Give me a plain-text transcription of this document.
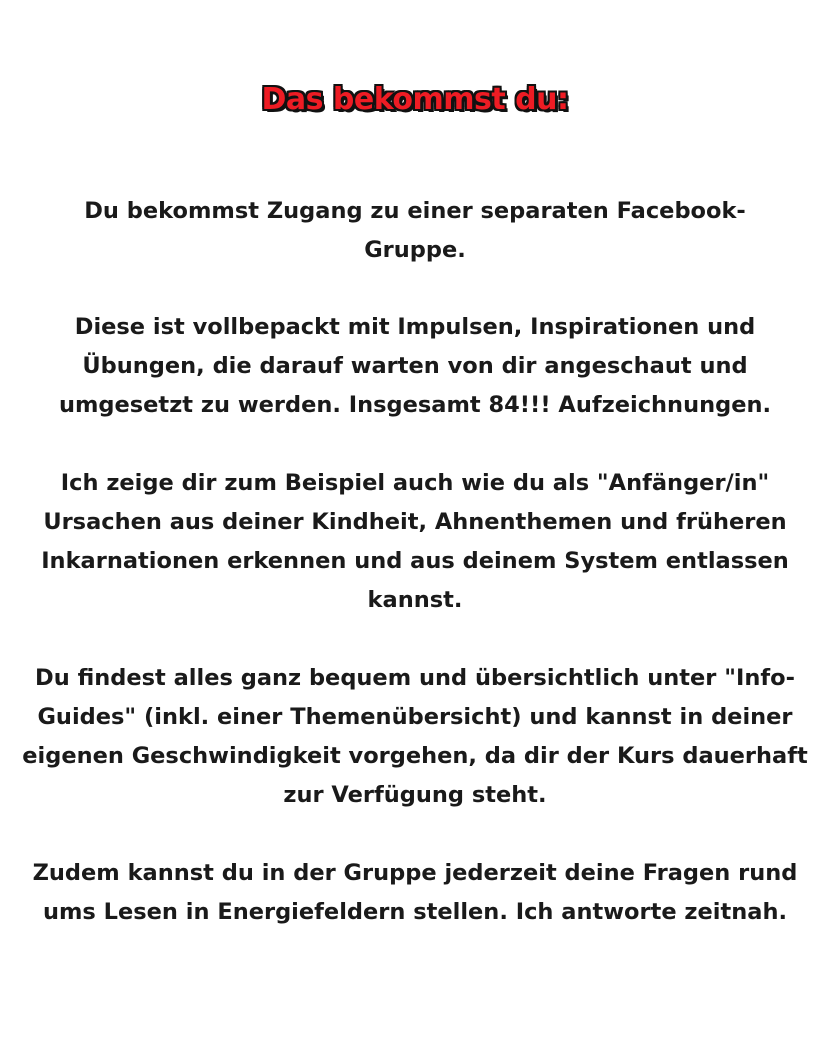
Das bekommst du:

Du bekommst Zugang zu einer separaten Facebook-Gruppe.

Diese ist vollbepackt mit Impulsen, Inspirationen und Übungen, die darauf warten von dir angeschaut und umgesetzt zu werden. Insgesamt 84!!! Aufzeichnungen.

Ich zeige dir zum Beispiel auch wie du als "Anfänger/in" Ursachen aus deiner Kindheit, Ahnenthemen und früheren Inkarnationen erkennen und aus deinem System entlassen kannst.

Du findest alles ganz bequem und übersichtlich unter "Info-Guides" (inkl. einer Themenübersicht) und kannst in deiner eigenen Geschwindigkeit vorgehen, da dir der Kurs dauerhaft zur Verfügung steht.

Zudem kannst du in der Gruppe jederzeit deine Fragen rund ums Lesen in Energiefeldern stellen. Ich antworte zeitnah.
